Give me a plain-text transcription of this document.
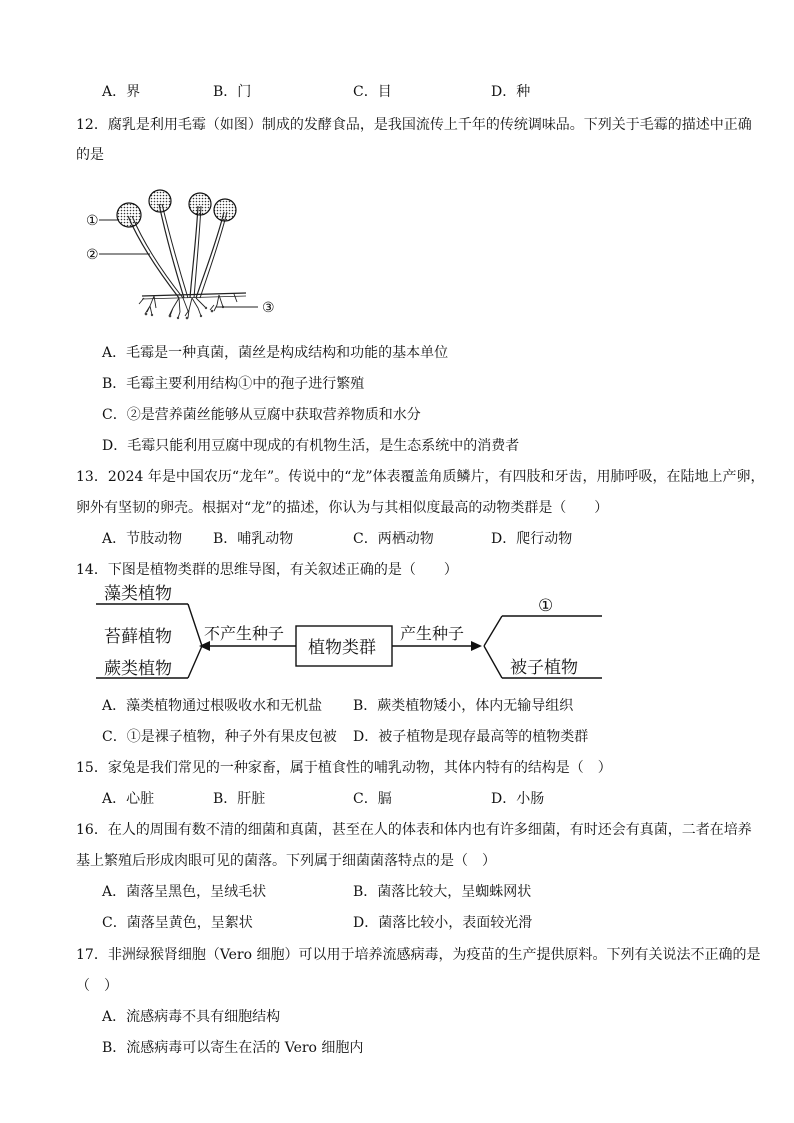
A．界	B．门	C．目	D．种
12．腐乳是利用毛霉（如图）制成的发酵食品，是我国流传上千年的传统调味品。下列关于毛霉的描述中正确
的是
①
②
③
A．毛霉是一种真菌，菌丝是构成结构和功能的基本单位
B．毛霉主要利用结构①中的孢子进行繁殖
C．②是营养菌丝能够从豆腐中获取营养物质和水分
D．毛霉只能利用豆腐中现成的有机物生活，是生态系统中的消费者
13．2024 年是中国农历“龙年”。传说中的“龙”体表覆盖角质鳞片，有四肢和牙齿，用肺呼吸，在陆地上产卵，
卵外有坚韧的卵壳。根据对“龙”的描述，你认为与其相似度最高的动物类群是（　　）
A．节肢动物 B．哺乳动物	C．两栖动物	D．爬行动物
14．下图是植物类群的思维导图，有关叙述正确的是（　　）
藻类植物
苔藓植物
蕨类植物
不产生种子
植物类群
产生种子
①
被子植物
A．藻类植物通过根吸收水和无机盐 B．蕨类植物矮小，体内无输导组织
C．①是裸子植物，种子外有果皮包被 D．被子植物是现存最高等的植物类群
15．家兔是我们常见的一种家畜，属于植食性的哺乳动物，其体内特有的结构是（　）
A．心脏	B．肝脏	C．膈	D．小肠
16．在人的周围有数不清的细菌和真菌，甚至在人的体表和体内也有许多细菌，有时还会有真菌，二者在培养
基上繁殖后形成肉眼可见的菌落。下列属于细菌菌落特点的是（　）
A．菌落呈黑色，呈绒毛状	B．菌落比较大，呈蜘蛛网状
C．菌落呈黄色，呈絮状	D．菌落比较小，表面较光滑
17．非洲绿猴肾细胞（Vero 细胞）可以用于培养流感病毒，为疫苗的生产提供原料。下列有关说法不正确的是
（　）
A．流感病毒不具有细胞结构
B．流感病毒可以寄生在活的 Vero 细胞内
